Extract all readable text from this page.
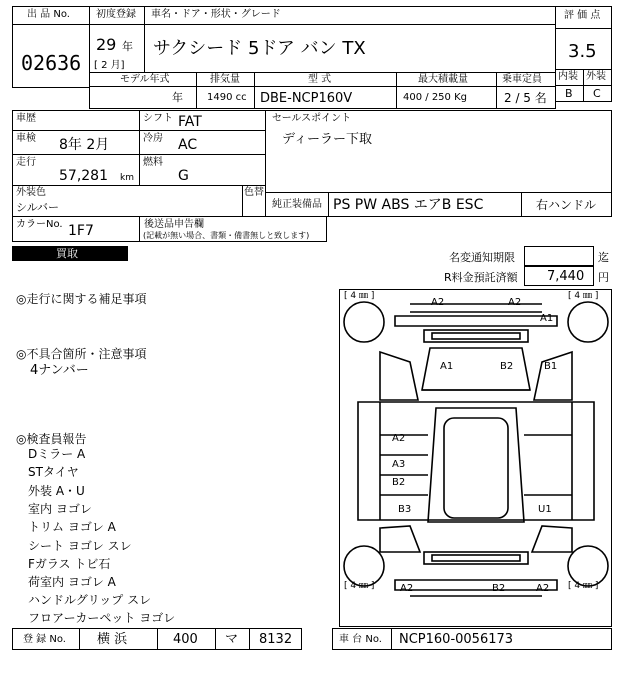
出 品 No.
02636
初度登録
29 年
[ 2 月]
車名・ドア・形状・グレード
サクシード 5ドア バン TX
評 価 点
3.5
内装 外装
B C
モデル年式
年
排気量
1490 cc
型 式
DBE-NCP160V
最大積載量
400 / 250 Kg
乗車定員
2 / 5 名
車歴
車検 8年 2月
走行
57,281 km
シフト FAT
冷房 AC
燃料
G
セールスポイント
ディーラー下取
外装色
シルバー
色替
純正装備品 PS PW ABS エアB ESC	右ハンドル
カラーNo. 1F7	後送品申告欄
(記載が無い場合、書類・備書無しと致します)
買取	名変通知期限	迄
R料金預託済額 7,440 円
◎走行に関する補足事項
◎不具合箇所・注意事項
4ナンバー
◎検査員報告
Dミラー A
STタイヤ
外装 A・U
室内 ヨゴレ
トリム ヨゴレ A
シート ヨゴレ スレ
Fガラス トビ石
荷室内 ヨゴレ A
ハンドルグリップ スレ
フロアーカーペット ヨゴレ
[ 4 ㎜ ]	[ 4 ㎜ ]
[ 4 ㎜ ]	[ 4 ㎜ ]
A2	A2
A1
A1	B2	B1
A2
A3
B2
B3	U1
A2	B2	A2
登 録 No. 横 浜	400 マ 8132	車 台 No. NCP160-0056173
